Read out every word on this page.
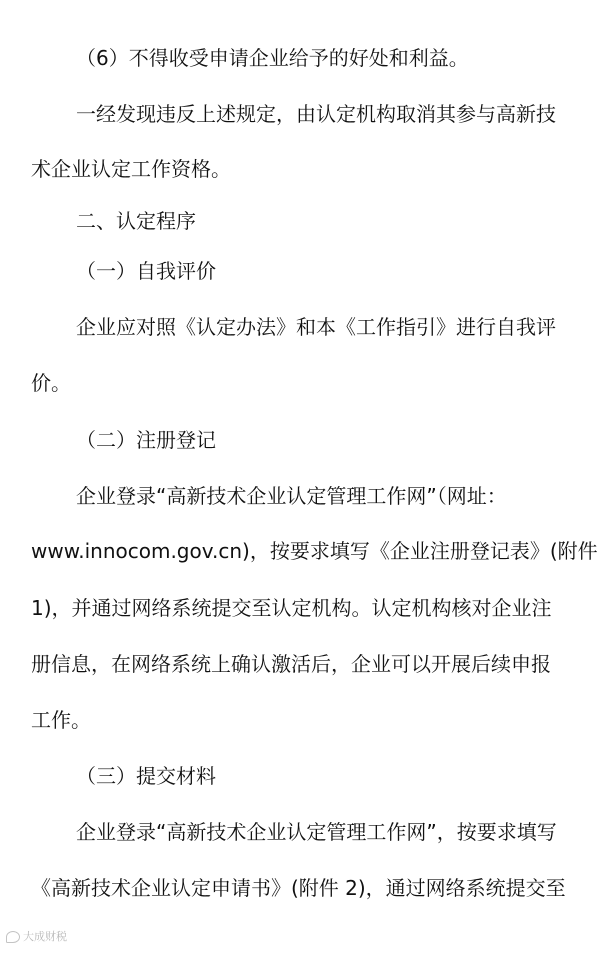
（6）不得收受申请企业给予的好处和利益。
一经发现违反上述规定，由认定机构取消其参与高新技
术企业认定工作资格。
二、认定程序
（一）自我评价
企业应对照《认定办法》和本《工作指引》进行自我评
价。
（二）注册登记
企业登录“高新技术企业认定管理工作网”（网址：
www.innocom.gov.cn)，按要求填写《企业注册登记表》(附件
1)，并通过网络系统提交至认定机构。认定机构核对企业注
册信息，在网络系统上确认激活后，企业可以开展后续申报
工作。
（三）提交材料
企业登录“高新技术企业认定管理工作网”，按要求填写
《高新技术企业认定申请书》(附件 2)，通过网络系统提交至
大成财税
